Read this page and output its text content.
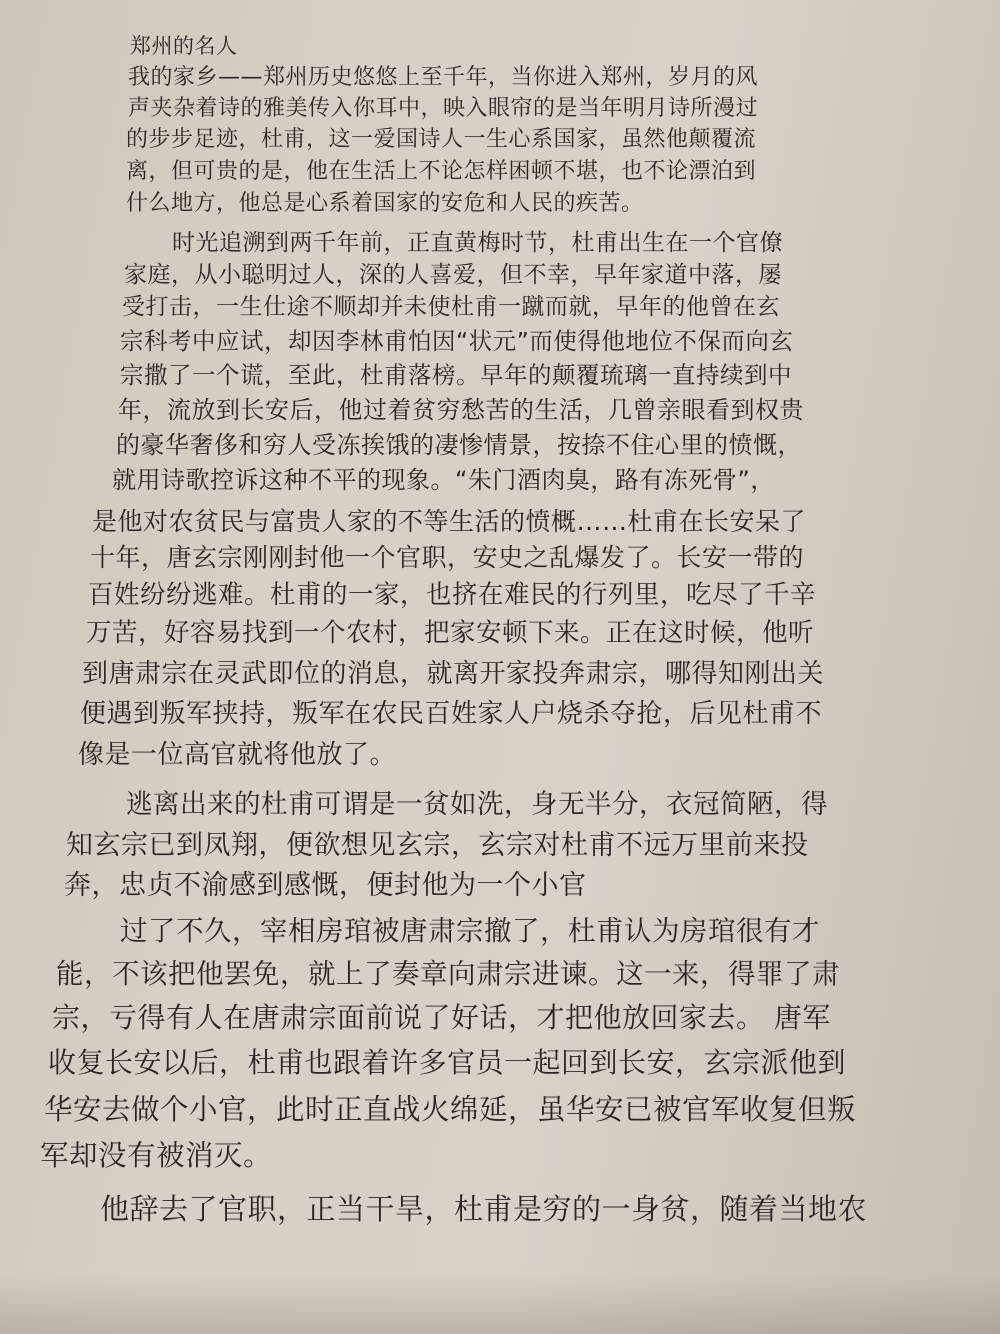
郑州的名人
我的家乡——郑州历史悠悠上至千年，当你进入郑州，岁月的风
声夹杂着诗的雅美传入你耳中，映入眼帘的是当年明月诗所漫过
的步步足迹，杜甫，这一爱国诗人一生心系国家，虽然他颠覆流
离，但可贵的是，他在生活上不论怎样困顿不堪，也不论漂泊到
什么地方，他总是心系着国家的安危和人民的疾苦。
时光追溯到两千年前，正直黄梅时节，杜甫出生在一个官僚
家庭，从小聪明过人，深的人喜爱，但不幸，早年家道中落，屡
受打击，一生仕途不顺却并未使杜甫一蹴而就，早年的他曾在玄
宗科考中应试，却因李林甫怕因“状元”而使得他地位不保而向玄
宗撒了一个谎，至此，杜甫落榜。早年的颠覆琉璃一直持续到中
年，流放到长安后，他过着贫穷愁苦的生活，几曾亲眼看到权贵
的豪华奢侈和穷人受冻挨饿的凄惨情景，按捺不住心里的愤慨，
就用诗歌控诉这种不平的现象。“朱门酒肉臭，路有冻死骨”，
是他对农贫民与富贵人家的不等生活的愤概……杜甫在长安呆了
十年，唐玄宗刚刚封他一个官职，安史之乱爆发了。长安一带的
百姓纷纷逃难。杜甫的一家，也挤在难民的行列里，吃尽了千辛
万苦，好容易找到一个农村，把家安顿下来。正在这时候，他听
到唐肃宗在灵武即位的消息，就离开家投奔肃宗，哪得知刚出关
便遇到叛军挟持，叛军在农民百姓家人户烧杀夺抢，后见杜甫不
像是一位高官就将他放了。
逃离出来的杜甫可谓是一贫如洗，身无半分，衣冠简陋，得
知玄宗已到凤翔，便欲想见玄宗，玄宗对杜甫不远万里前来投
奔，忠贞不渝感到感慨，便封他为一个小官
过了不久，宰相房琯被唐肃宗撤了，杜甫认为房琯很有才
能，不该把他罢免，就上了奏章向肃宗进谏。这一来，得罪了肃
宗，亏得有人在唐肃宗面前说了好话，才把他放回家去。 唐军
收复长安以后，杜甫也跟着许多官员一起回到长安，玄宗派他到
华安去做个小官，此时正直战火绵延，虽华安已被官军收复但叛
军却没有被消灭。
他辞去了官职，正当干旱，杜甫是穷的一身贫，随着当地农
